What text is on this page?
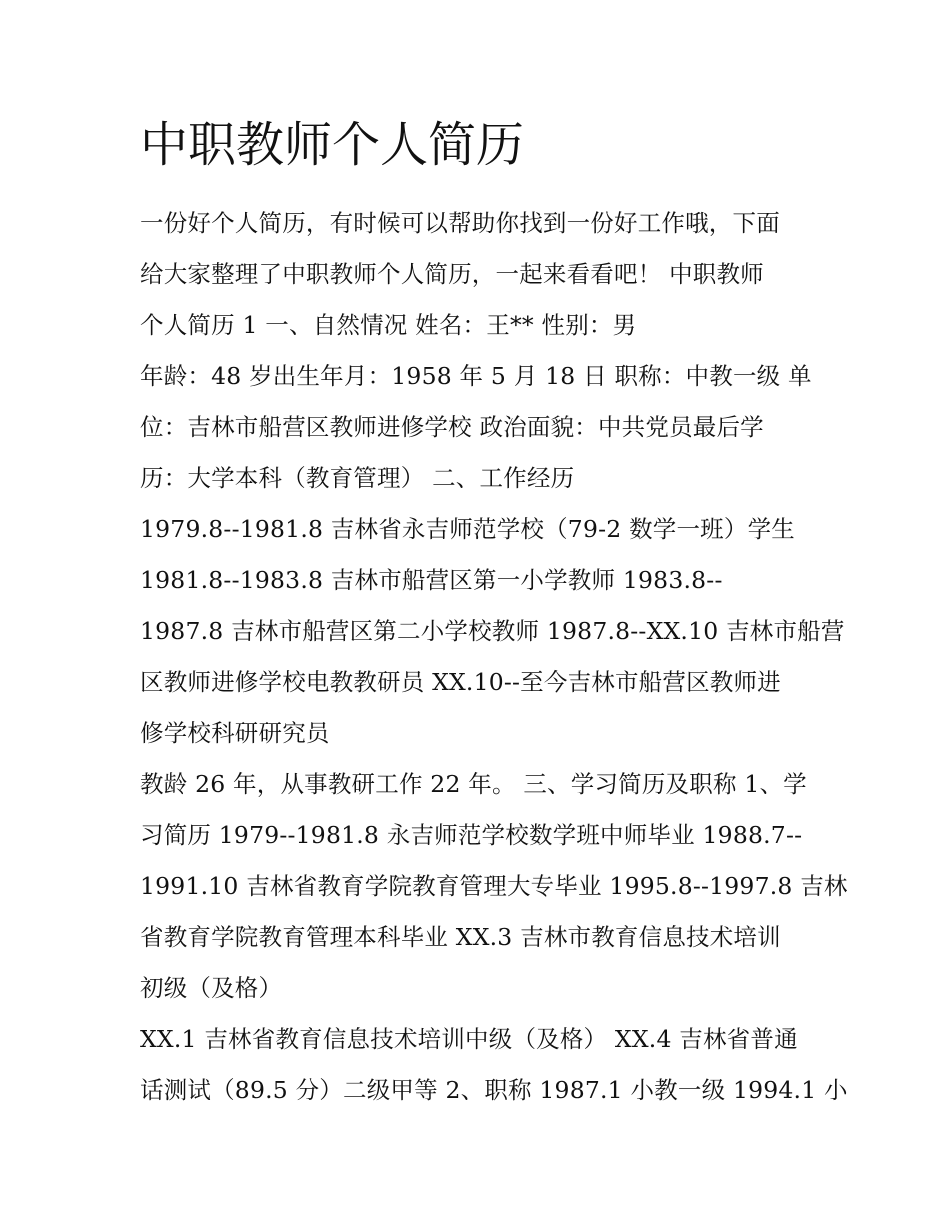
中职教师个人简历
一份好个人简历，有时候可以帮助你找到一份好工作哦，下面
给大家整理了中职教师个人简历，一起来看看吧！ 中职教师
个人简历 1 一、自然情况 姓名：王** 性别：男
年龄：48 岁出生年月：1958 年 5 月 18 日 职称：中教一级 单
位：吉林市船营区教师进修学校 政治面貌：中共党员最后学
历：大学本科（教育管理） 二、工作经历
1979.8--1981.8 吉林省永吉师范学校（79-2 数学一班）学生
1981.8--1983.8 吉林市船营区第一小学教师 1983.8--
1987.8 吉林市船营区第二小学校教师 1987.8--XX.10 吉林市船营
区教师进修学校电教教研员 XX.10--至今吉林市船营区教师进
修学校科研研究员
教龄 26 年，从事教研工作 22 年。 三、学习简历及职称 1、学
习简历 1979--1981.8 永吉师范学校数学班中师毕业 1988.7--
1991.10 吉林省教育学院教育管理大专毕业 1995.8--1997.8 吉林
省教育学院教育管理本科毕业 XX.3 吉林市教育信息技术培训
初级（及格）
XX.1 吉林省教育信息技术培训中级（及格） XX.4 吉林省普通
话测试（89.5 分）二级甲等 2、职称 1987.1 小教一级 1994.1 小
